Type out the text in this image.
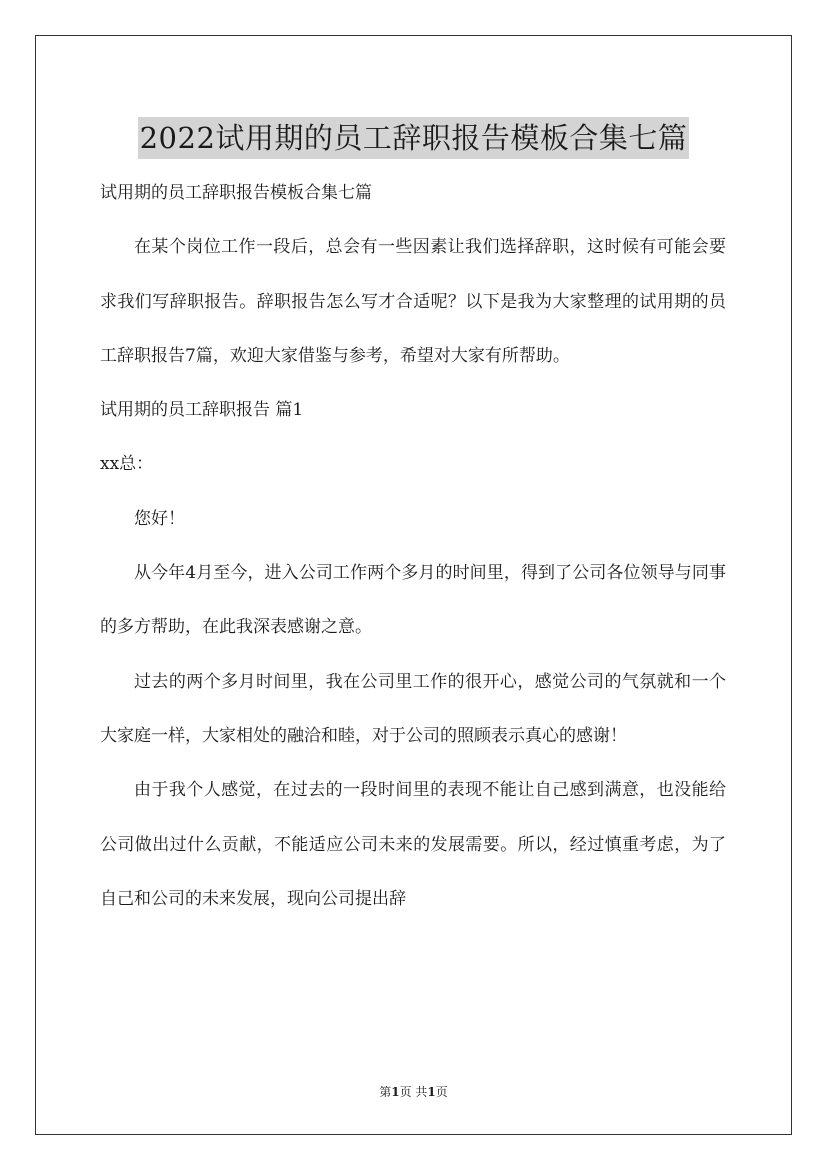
2022试用期的员工辞职报告模板合集七篇

试用期的员工辞职报告模板合集七篇

在某个岗位工作一段后，总会有一些因素让我们选择辞职，这时候有可能会要求我们写辞职报告。辞职报告怎么写才合适呢？以下是我为大家整理的试用期的员工辞职报告7篇，欢迎大家借鉴与参考，希望对大家有所帮助。

试用期的员工辞职报告 篇1

xx总：

您好！

从今年4月至今，进入公司工作两个多月的时间里，得到了公司各位领导与同事的多方帮助，在此我深表感谢之意。

过去的两个多月时间里，我在公司里工作的很开心，感觉公司的气氛就和一个大家庭一样，大家相处的融洽和睦，对于公司的照顾表示真心的感谢！

由于我个人感觉，在过去的一段时间里的表现不能让自己感到满意，也没能给公司做出过什么贡献，不能适应公司未来的发展需要。所以，经过慎重考虑，为了自己和公司的未来发展，现向公司提出辞

第1页 共1页
